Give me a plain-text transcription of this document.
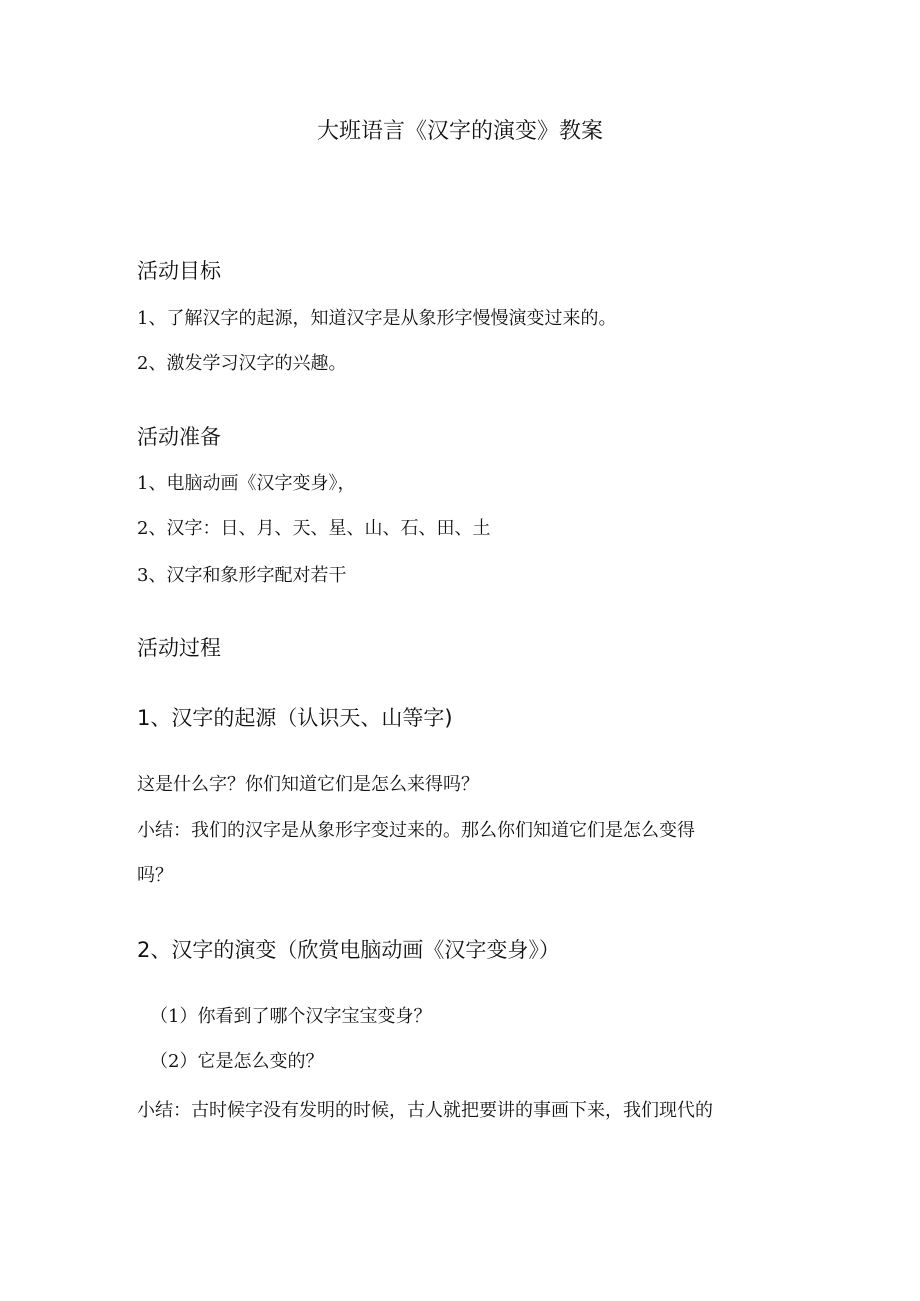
大班语言《汉字的演变》教案
活动目标
1、了解汉字的起源，知道汉字是从象形字慢慢演变过来的。
2、激发学习汉字的兴趣。
活动准备
1、电脑动画《汉字变身》，
2、汉字：日、月、天、星、山、石、田、土
3、汉字和象形字配对若干
活动过程
1、汉字的起源（认识天、山等字)
这是什么字？你们知道它们是怎么来得吗？
小结：我们的汉字是从象形字变过来的。那么你们知道它们是怎么变得
吗？
2、汉字的演变（欣赏电脑动画《汉字变身》）
（1）你看到了哪个汉字宝宝变身？
（2）它是怎么变的？
小结：古时候字没有发明的时候，古人就把要讲的事画下来，我们现代的
